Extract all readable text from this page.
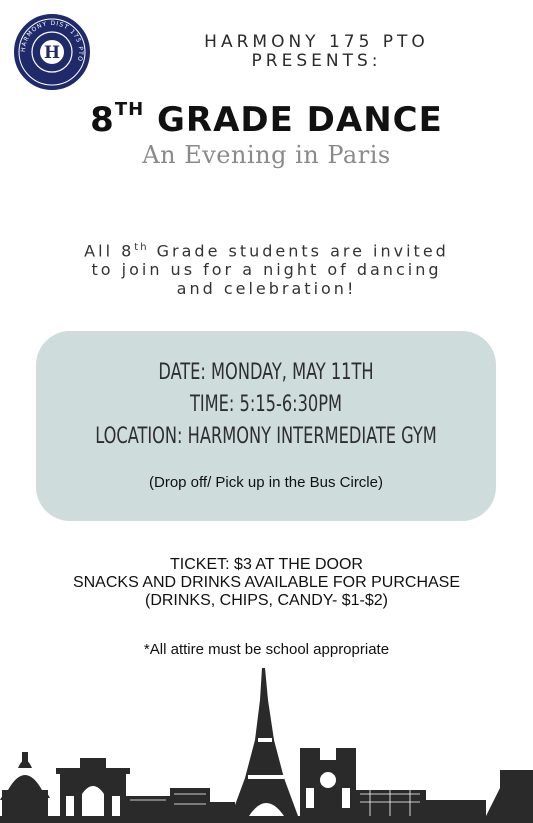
HARMONY DIST 175 PTO
H
HARMONY 175 PTO
PRESENTS:
8TH GRADE DANCE
An Evening in Paris
All 8th Grade students are invited
to join us for a night of dancing
and celebration!
DATE: MONDAY, MAY 11TH
TIME: 5:15-6:30PM
LOCATION: HARMONY INTERMEDIATE GYM
(Drop off/ Pick up in the Bus Circle)
TICKET: $3 AT THE DOOR
SNACKS AND DRINKS AVAILABLE FOR PURCHASE
(DRINKS, CHIPS, CANDY- $1-$2)
*All attire must be school appropriate
